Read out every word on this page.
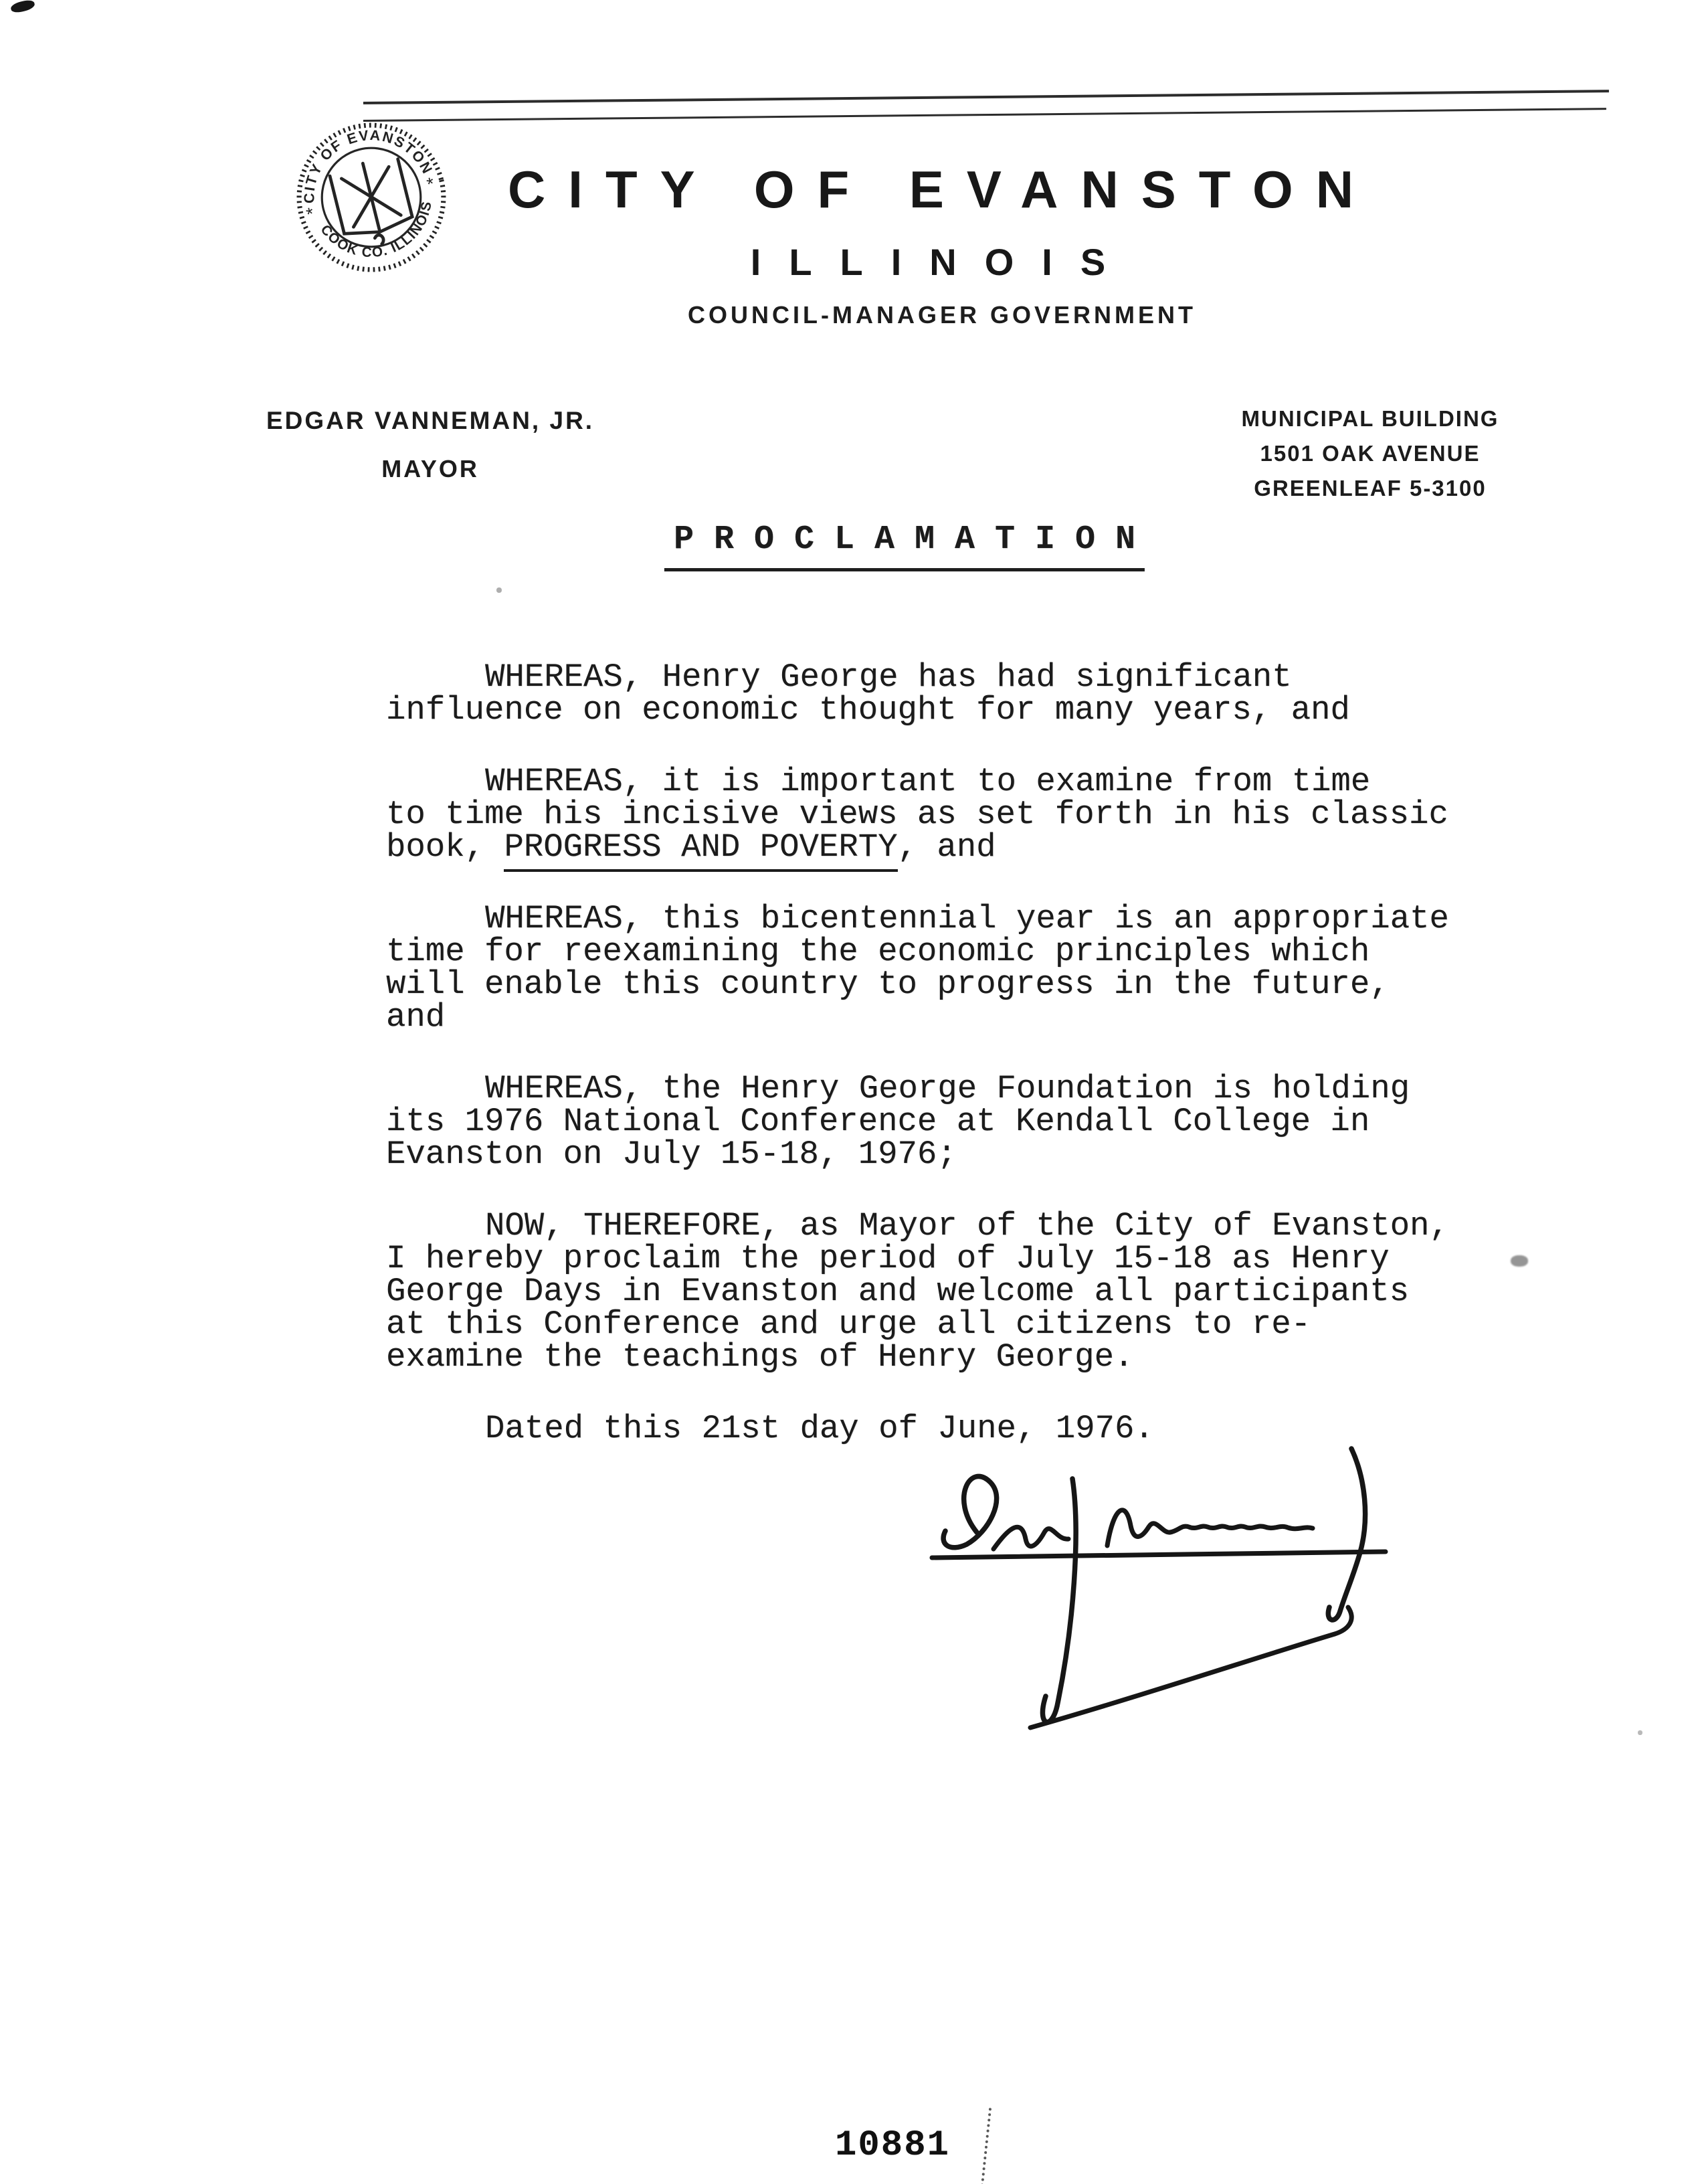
CITY OF EVANSTON
COOK CO. ILLINOIS
*
* CITY OF EVANSTON
ILLINOIS
COUNCIL-MANAGER GOVERNMENT
EDGAR VANNEMAN, JR.
MAYOR
MUNICIPAL BUILDING
1501 OAK AVENUE
GREENLEAF 5-3100
P R O C L A M A T I O N
WHEREAS, Henry George has had significant
influence on economic thought for many years, and
WHEREAS, it is important to examine from time
to time his incisive views as set forth in his classic
book, PROGRESS AND POVERTY, and
WHEREAS, this bicentennial year is an appropriate
time for reexamining the economic principles which
will enable this country to progress in the future,
and
WHEREAS, the Henry George Foundation is holding
its 1976 National Conference at Kendall College in
Evanston on July 15-18, 1976;
NOW, THEREFORE, as Mayor of the City of Evanston,
I hereby proclaim the period of July 15-18 as Henry
George Days in Evanston and welcome all participants
at this Conference and urge all citizens to re-
examine the teachings of Henry George.
Dated this 21st day of June, 1976.
10881
